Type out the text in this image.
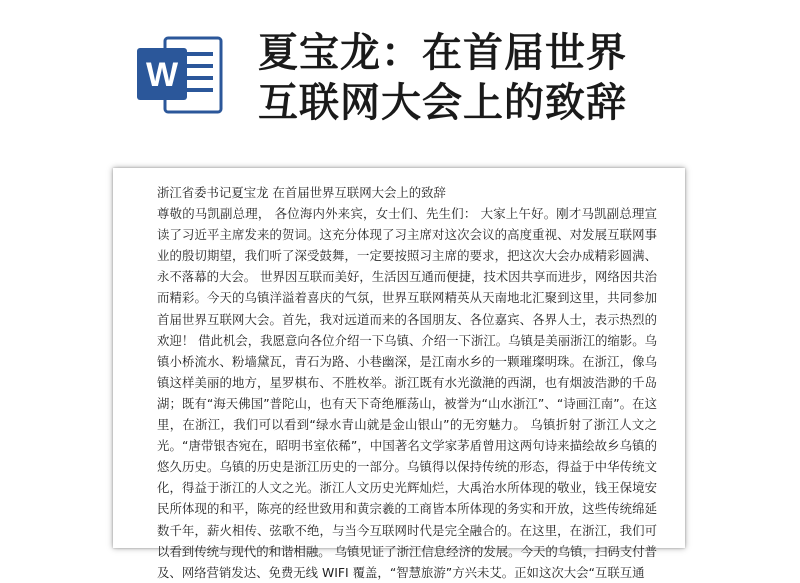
W 夏宝龙：在首届世界
互联网大会上的致辞
浙江省委书记夏宝龙 在首届世界互联网大会上的致辞
尊敬的马凯副总理， 各位海内外来宾，女士们、先生们： 大家上午好。刚才马凯副总理宣读了习近平主席发来的贺词。这充分体现了习主席对这次会议的高度重视、对发展互联网事业的殷切期望，我们听了深受鼓舞，一定要按照习主席的要求，把这次大会办成精彩圆满、永不落幕的大会。 世界因互联而美好，生活因互通而便捷，技术因共享而进步，网络因共治而精彩。今天的乌镇洋溢着喜庆的气氛，世界互联网精英从天南地北汇聚到这里，共同参加首届世界互联网大会。首先，我对远道而来的各国朋友、各位嘉宾、各界人士，表示热烈的欢迎！ 借此机会，我愿意向各位介绍一下乌镇、介绍一下浙江。乌镇是美丽浙江的缩影。乌镇小桥流水、粉墙黛瓦，青石为路、小巷幽深，是江南水乡的一颗璀璨明珠。在浙江，像乌镇这样美丽的地方，星罗棋布、不胜枚举。浙江既有水光潋滟的西湖，也有烟波浩渺的千岛湖；既有“海天佛国”普陀山，也有天下奇绝雁荡山，被誉为“山水浙江”、“诗画江南”。在这里，在浙江，我们可以看到“绿水青山就是金山银山”的无穷魅力。 乌镇折射了浙江人文之光。“唐带银杏宛在，昭明书室依稀”，中国著名文学家茅盾曾用这两句诗来描绘故乡乌镇的悠久历史。乌镇的历史是浙江历史的一部分。乌镇得以保持传统的形态，得益于中华传统文化，得益于浙江的人文之光。浙江人文历史光辉灿烂，大禹治水所体现的敬业，钱王保境安民所体现的和平，陈亮的经世致用和黄宗羲的工商皆本所体现的务实和开放，这些传统绵延数千年，薪火相传、弦歌不绝，与当今互联网时代是完全融合的。在这里，在浙江，我们可以看到传统与现代的和谐相融。 乌镇见证了浙江信息经济的发展。今天的乌镇，扫码支付普及、网络营销发达、免费无线 WIFI 覆盖，“智慧旅游”方兴未艾。正如这次大会“互联互通
